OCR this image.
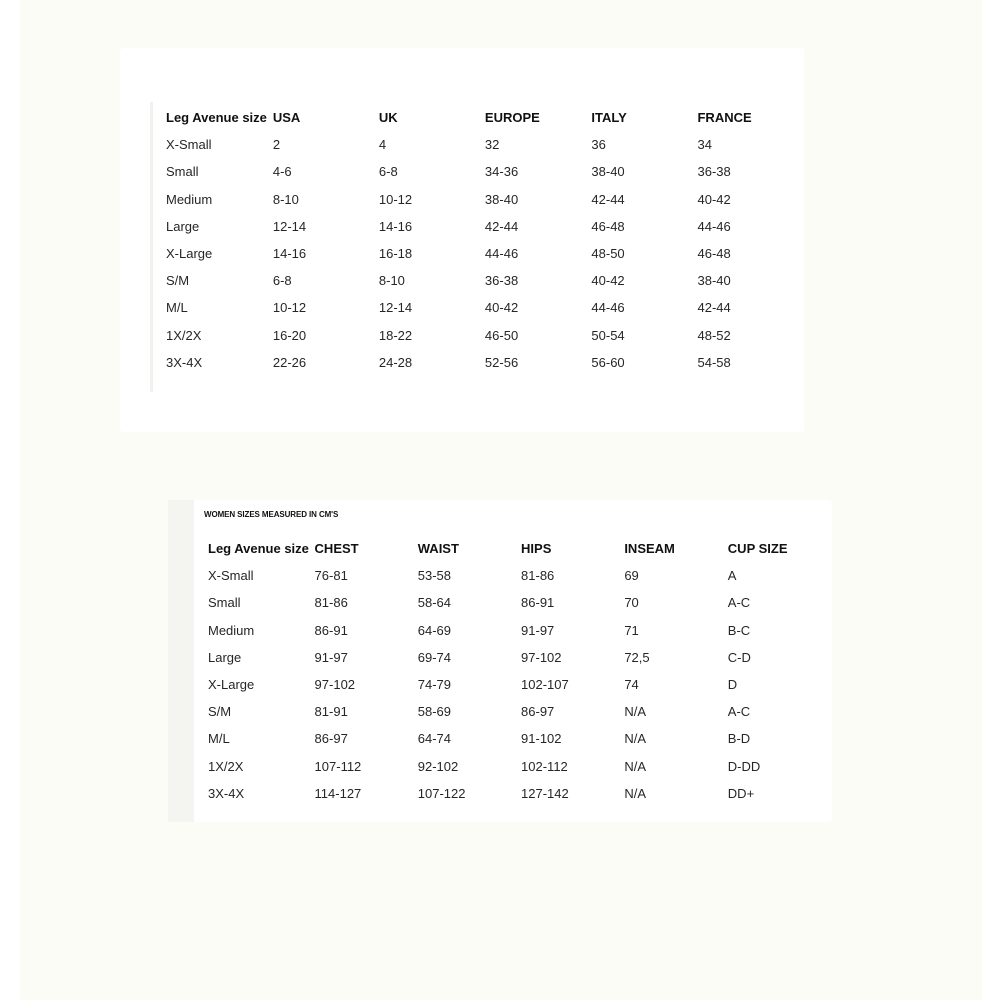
Leg Avenue size	USA	UK	EUROPE	ITALY	FRANCE
X-Small	2	4	32	36	34
Small	4-6	6-8	34-36	38-40	36-38
Medium	8-10	10-12	38-40	42-44	40-42
Large	12-14	14-16	42-44	46-48	44-46
X-Large	14-16	16-18	44-46	48-50	46-48
S/M	6-8	8-10	36-38	40-42	38-40
M/L	10-12	12-14	40-42	44-46	42-44
1X/2X	16-20	18-22	46-50	50-54	48-52
3X-4X	22-26	24-28	52-56	56-60	54-58
WOMEN SIZES MEASURED IN CM'S
Leg Avenue size	CHEST	WAIST	HIPS	INSEAM	CUP SIZE
X-Small	76-81	53-58	81-86	69	A
Small	81-86	58-64	86-91	70	A-C
Medium	86-91	64-69	91-97	71	B-C
Large	91-97	69-74	97-102	72,5	C-D
X-Large	97-102	74-79	102-107	74	D
S/M	81-91	58-69	86-97	N/A	A-C
M/L	86-97	64-74	91-102	N/A	B-D
1X/2X	107-112	92-102	102-112	N/A	D-DD
3X-4X	114-127	107-122	127-142	N/A	DD+
